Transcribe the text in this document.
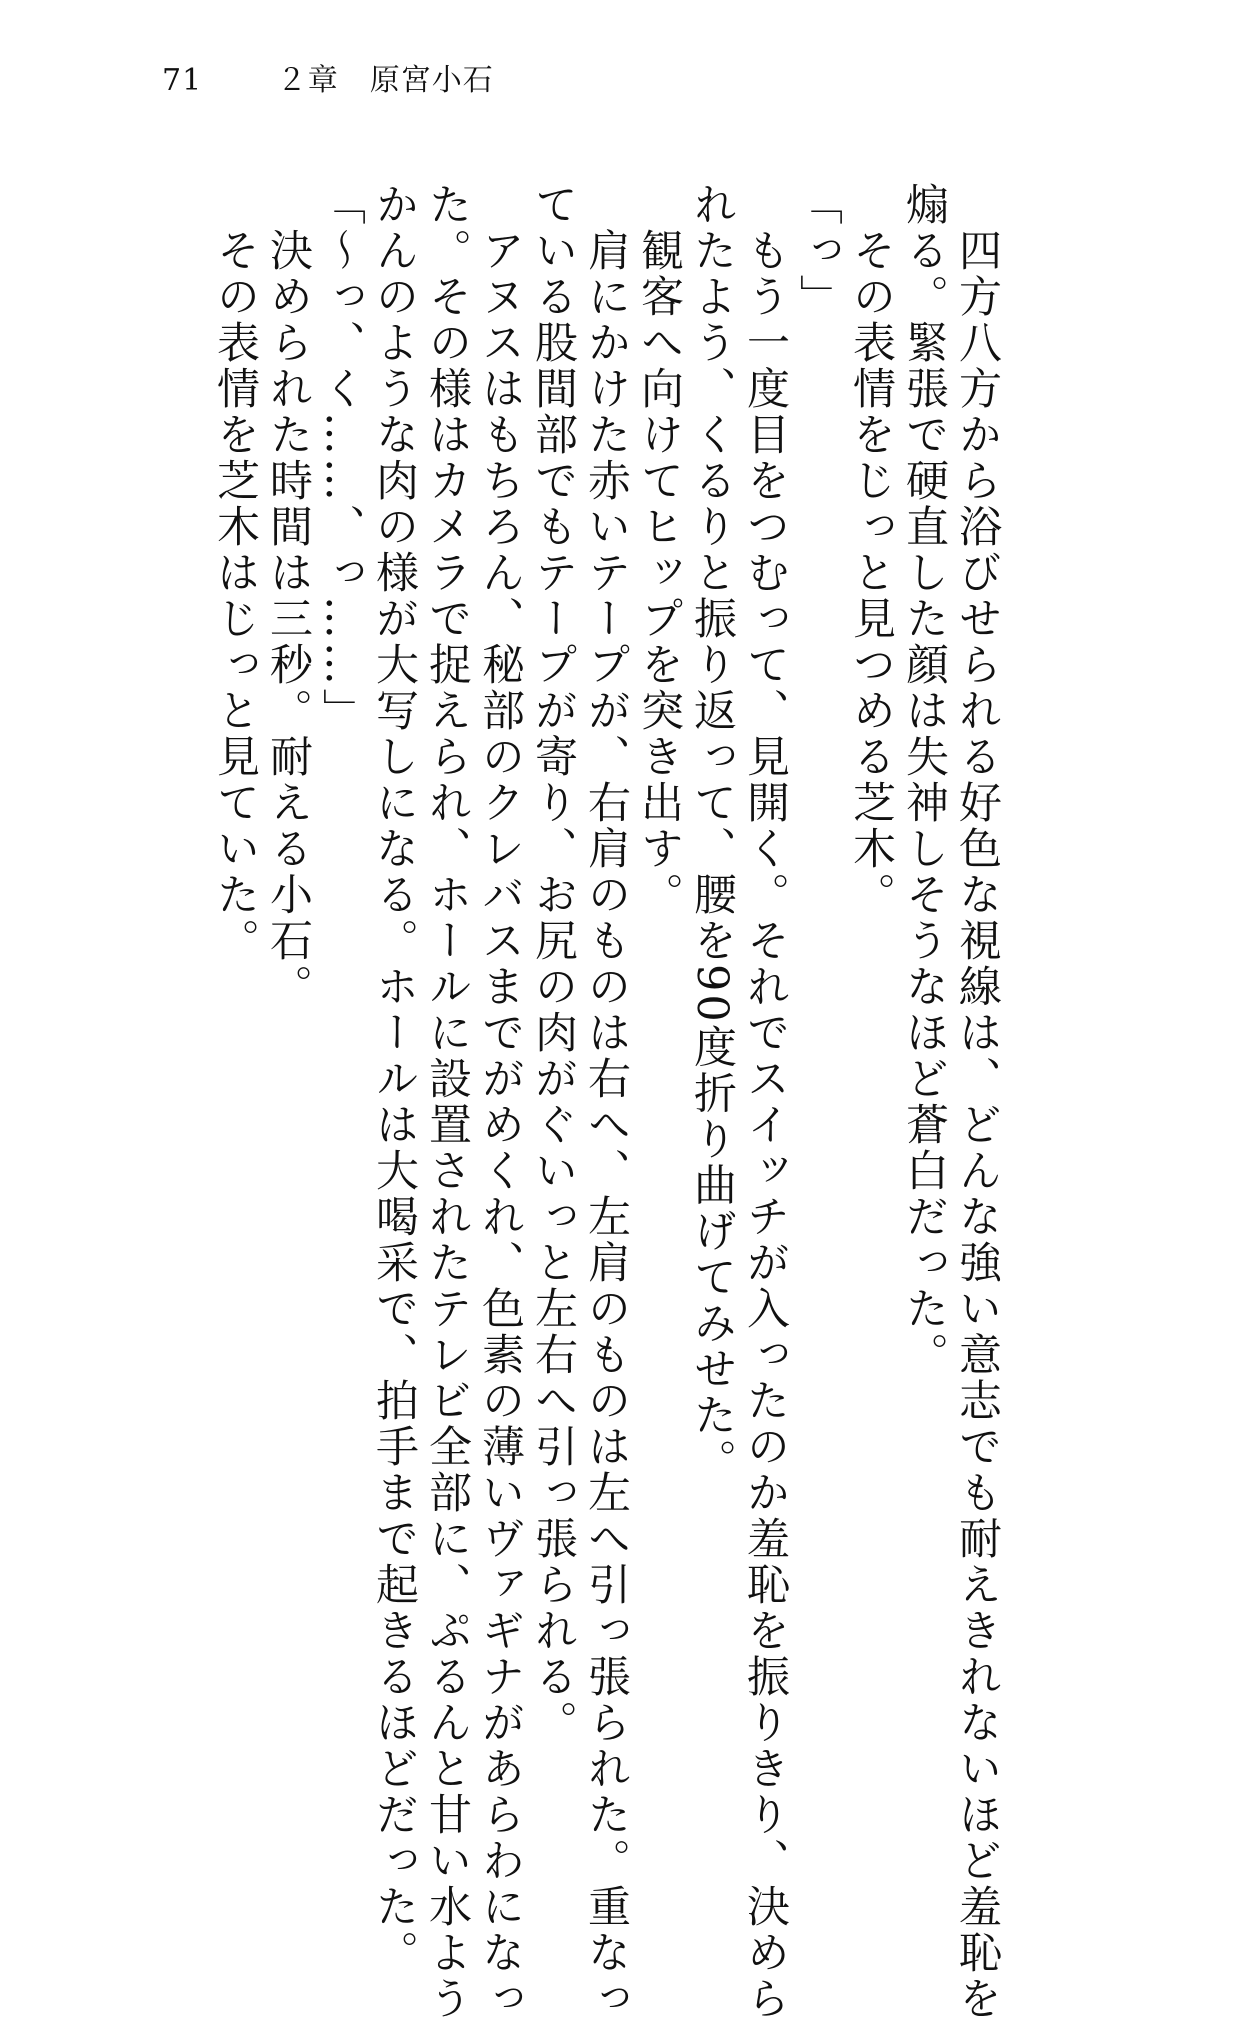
71 ２章　原宮小石
四方八方から浴びせられる好色な視線は、どんな強い意志でも耐えきれないほど羞恥を
煽る。緊張で硬直した顔は失神しそうなほど蒼白だった。
その表情をじっと見つめる芝木。
「っ」
もう一度目をつむって、見開く。それでスイッチが入ったのか羞恥を振りきり、決めら
れたよう、くるりと振り返って、腰を90度折り曲げてみせた。
観客へ向けてヒップを突き出す。
肩にかけた赤いテープが、右肩のものは右へ、左肩のものは左へ引っ張られた。重なっ
ている股間部でもテープが寄り、お尻の肉がぐいっと左右へ引っ張られる。
アヌスはもちろん、秘部のクレバスまでがめくれ、色素の薄いヴァギナがあらわになっ
た。その様はカメラで捉えられ、ホールに設置されたテレビ全部に、ぷるんと甘い水よう
かんのような肉の様が大写しになる。ホールは大喝采で、拍手まで起きるほどだった。
「～っ、く……、っ……」
決められた時間は三秒。耐える小石。
その表情を芝木はじっと見ていた。
